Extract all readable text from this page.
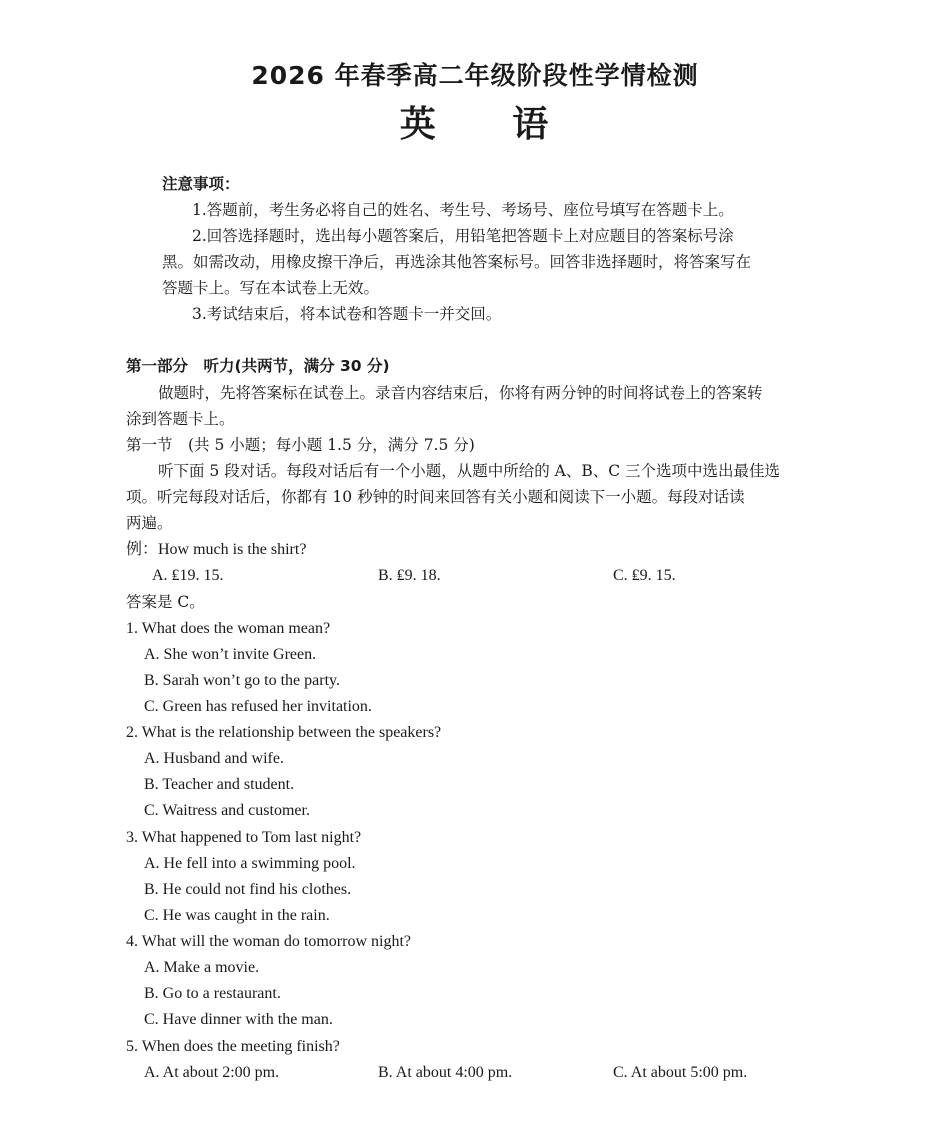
2026 年春季高二年级阶段性学情检测
英 语
注意事项：
1.答题前，考生务必将自己的姓名、考生号、考场号、座位号填写在答题卡上。
2.回答选择题时，选出每小题答案后，用铅笔把答题卡上对应题目的答案标号涂
黑。如需改动，用橡皮擦干净后，再选涂其他答案标号。回答非选择题时，将答案写在
答题卡上。写在本试卷上无效。
3.考试结束后，将本试卷和答题卡一并交回。
第一部分　听力(共两节，满分 30 分)
做题时，先将答案标在试卷上。录音内容结束后，你将有两分钟的时间将试卷上的答案转
涂到答题卡上。
第一节　(共 5 小题；每小题 1.5 分，满分 7.5 分)
听下面 5 段对话。每段对话后有一个小题，从题中所给的 A、B、C 三个选项中选出最佳选
项。听完每段对话后，你都有 10 秒钟的时间来回答有关小题和阅读下一小题。每段对话读
两遍。
例：How much is the shirt?
A. ₤19. 15.	B. ₤9. 18.	C. ₤9. 15.
答案是 C。
1. What does the woman mean?
A. She won’t invite Green.
B. Sarah won’t go to the party.
C. Green has refused her invitation.
2. What is the relationship between the speakers?
A. Husband and wife.
B. Teacher and student.
C. Waitress and customer.
3. What happened to Tom last night?
A. He fell into a swimming pool.
B. He could not find his clothes.
C. He was caught in the rain.
4. What will the woman do tomorrow night?
A. Make a movie.
B. Go to a restaurant.
C. Have dinner with the man.
5. When does the meeting finish?
A. At about 2:00 pm.	B. At about 4:00 pm.	C. At about 5:00 pm.
